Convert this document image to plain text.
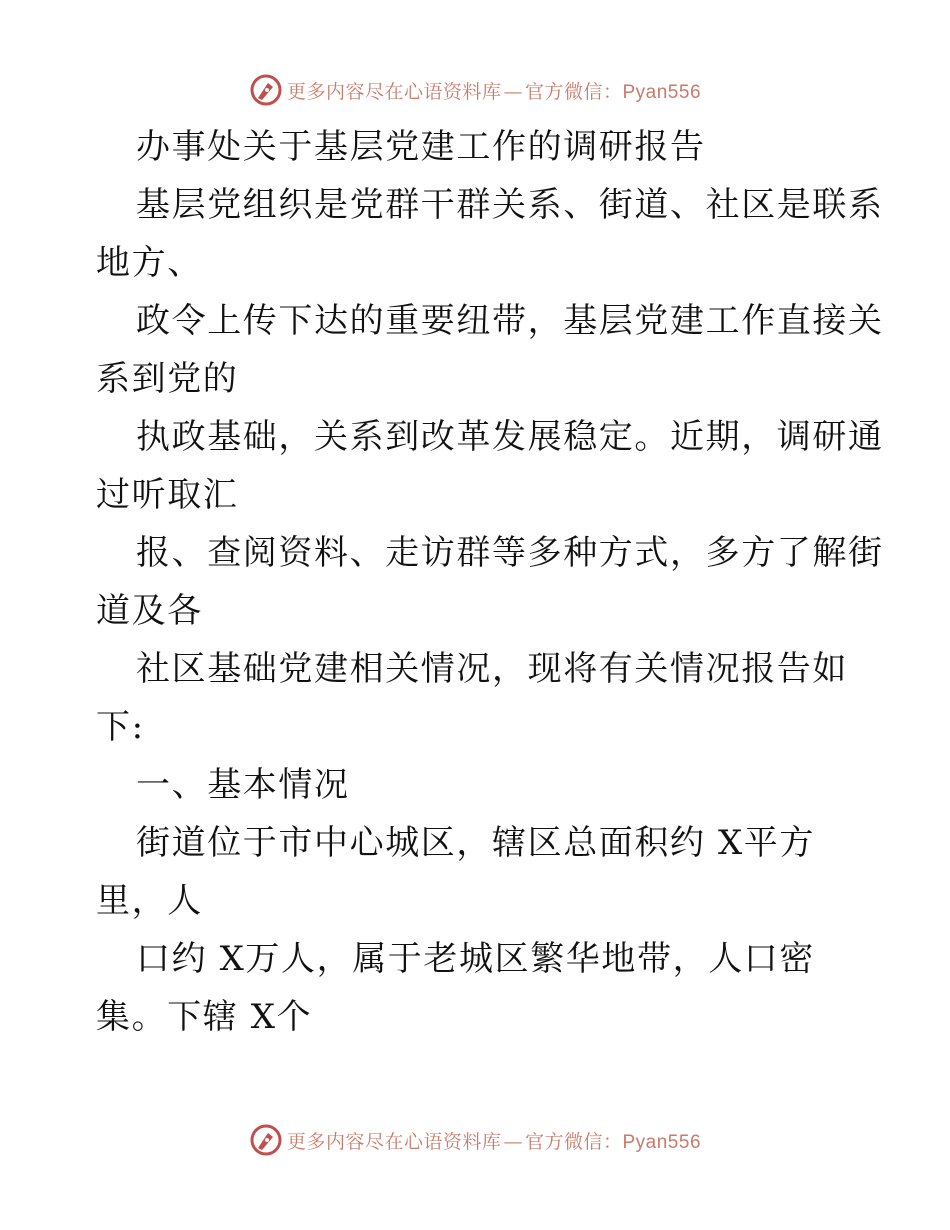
更多内容尽在心语资料库 — 官方微信：Pyan556
办事处关于基层党建工作的调研报告
基层党组织是党群干群关系、街道、社区是联系
地方、
政令上传下达的重要纽带，基层党建工作直接关
系到党的
执政基础，关系到改革发展稳定。近期，调研通
过听取汇
报、查阅资料、走访群等多种方式，多方了解街
道及各
社区基础党建相关情况，现将有关情况报告如
下:
一、基本情况
街道位于市中心城区，辖区总面积约 X平方
里，人
口约 X万人，属于老城区繁华地带，人口密
集。下辖 X个
更多内容尽在心语资料库 — 官方微信：Pyan556
